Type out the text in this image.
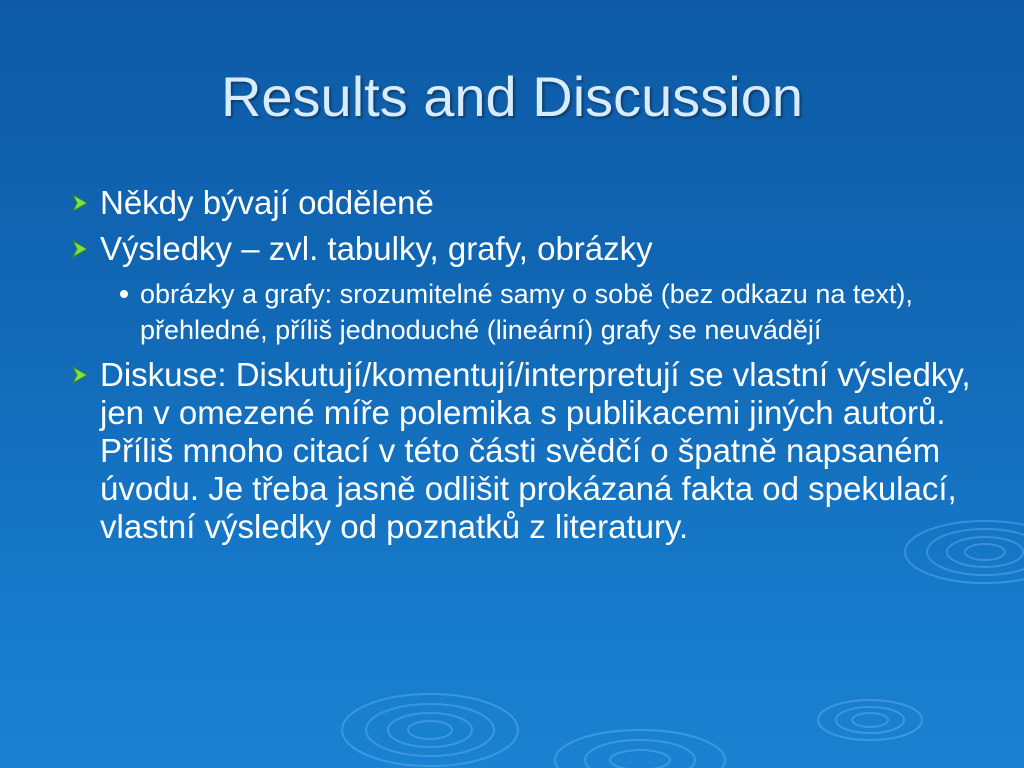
Results and Discussion
Někdy bývají odděleně
Výsledky – zvl. tabulky, grafy, obrázky
obrázky a grafy: srozumitelné samy o sobě (bez odkazu na text), přehledné, příliš jednoduché (lineární) grafy se neuvádějí
Diskuse: Diskutují/komentují/interpretují se vlastní výsledky, jen v omezené míře polemika s publikacemi jiných autorů. Příliš mnoho citací v této části svědčí o špatně napsaném úvodu. Je třeba jasně odlišit prokázaná fakta od spekulací, vlastní výsledky od poznatků z literatury.
